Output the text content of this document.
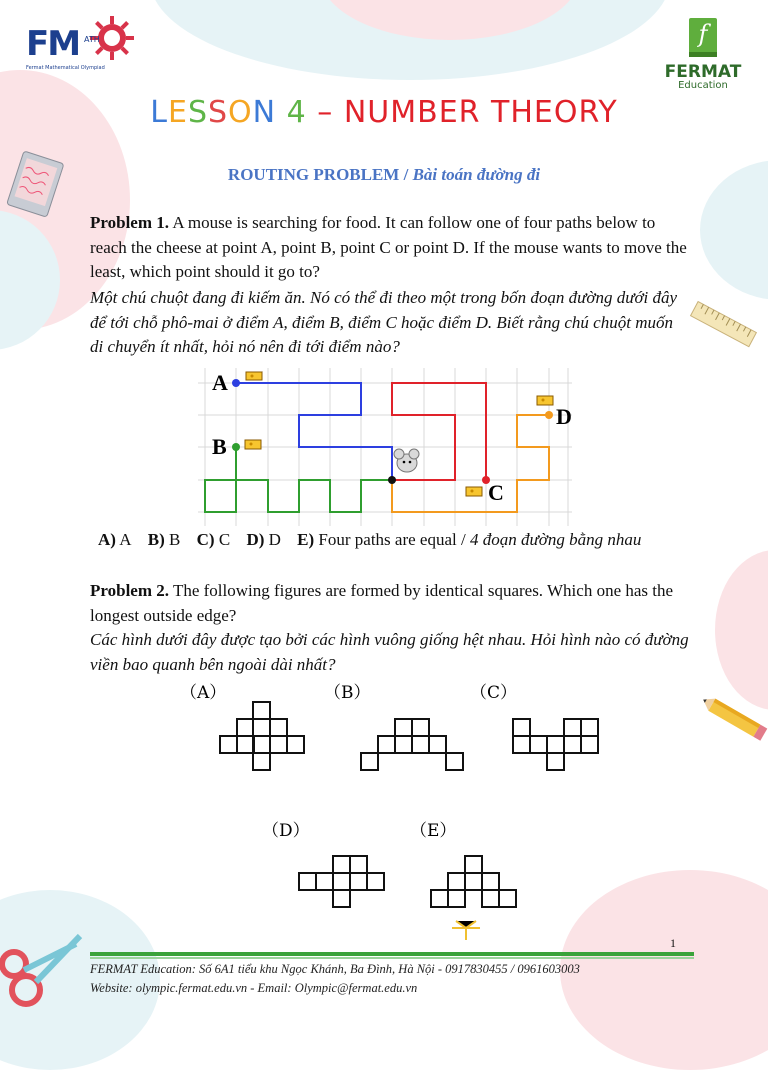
FM ATH
Fermat Mathematical Olympiad
f
FERMAT
Education
LESSON 4 – NUMBER THEORY
ROUTING PROBLEM / Bài toán đường đi
Problem 1. A mouse is searching for food. It can follow one of four paths below to reach the cheese at point A, point B, point C or point D. If the mouse wants to move the least, which point should it go to?
Một chú chuột đang đi kiếm ăn. Nó có thể đi theo một trong bốn đoạn đường dưới đây để tới chỗ phô-mai ở điểm A, điểm B, điểm C hoặc điểm D. Biết rằng chú chuột muốn di chuyển ít nhất, hỏi nó nên đi tới điểm nào?
A
B
C
D
A) A B) B C) C D) D E) Four paths are equal / 4 đoạn đường bằng nhau
Problem 2. The following figures are formed by identical squares. Which one has the longest outside edge?
Các hình dưới đây được tạo bởi các hình vuông giống hệt nhau. Hỏi hình nào có đường viền bao quanh bên ngoài dài nhất?
（A）	（B）	（C）
（D）	（E）
1
FERMAT Education: Số 6A1 tiểu khu Ngọc Khánh, Ba Đình, Hà Nội - 0917830455 / 0961603003
Website: olympic.fermat.edu.vn - Email: Olympic@fermat.edu.vn
